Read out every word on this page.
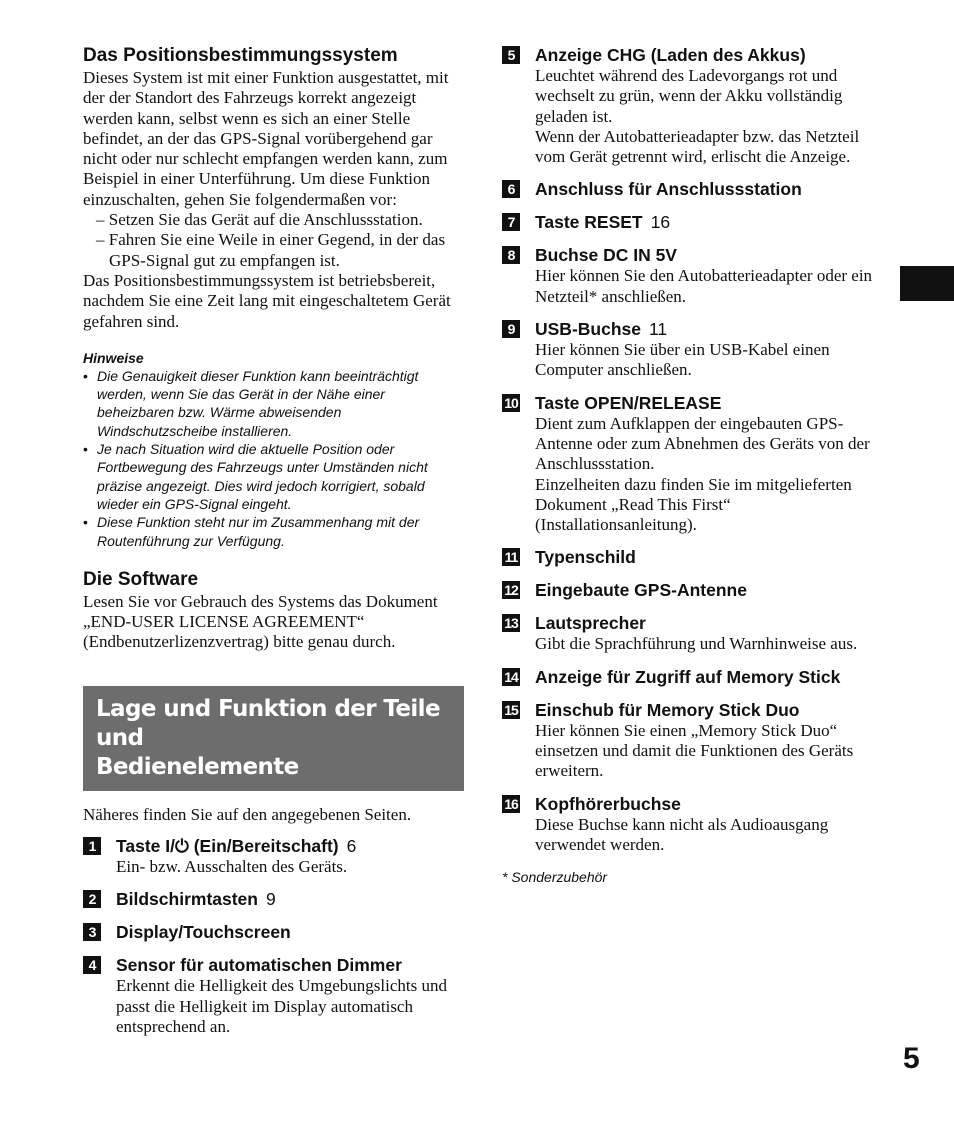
Das Positionsbestimmungssystem

Dieses System ist mit einer Funktion ausgestattet, mit der der Standort des Fahrzeugs korrekt angezeigt werden kann, selbst wenn es sich an einer Stelle befindet, an der das GPS-Signal vorübergehend gar nicht oder nur schlecht empfangen werden kann, zum Beispiel in einer Unterführung. Um diese Funktion einzuschalten, gehen Sie folgendermaßen vor:

– Setzen Sie das Gerät auf die Anschlussstation.

– Fahren Sie eine Weile in einer Gegend, in der das GPS-Signal gut zu empfangen ist.

Das Positionsbestimmungssystem ist betriebsbereit, nachdem Sie eine Zeit lang mit eingeschaltetem Gerät gefahren sind.

Hinweise
• Die Genauigkeit dieser Funktion kann beeinträchtigt werden, wenn Sie das Gerät in der Nähe einer beheizbaren bzw. Wärme abweisenden Windschutzscheibe installieren.
• Je nach Situation wird die aktuelle Position oder Fortbewegung des Fahrzeugs unter Umständen nicht präzise angezeigt. Dies wird jedoch korrigiert, sobald wieder ein GPS-Signal eingeht.
• Diese Funktion steht nur im Zusammenhang mit der Routenführung zur Verfügung.
Die Software

Lesen Sie vor Gebrauch des Systems das Dokument „END-USER LICENSE AGREEMENT“ (Endbenutzerlizenzvertrag) bitte genau durch.

Lage und Funktion der Teile und
Bedienelemente

Näheres finden Sie auf den angegebenen Seiten.

1	Taste I/⏻ (Ein/Bereitschaft) 6
Ein- bzw. Ausschalten des Geräts.
2	Bildschirmtasten 9
3	Display/Touchscreen
4	Sensor für automatischen Dimmer
Erkennt die Helligkeit des Umgebungslichts und passt die Helligkeit im Display automatisch entsprechend an.
5	Anzeige CHG (Laden des Akkus)
Leuchtet während des Ladevorgangs rot und wechselt zu grün, wenn der Akku vollständig geladen ist.
Wenn der Autobatterieadapter bzw. das Netzteil vom Gerät getrennt wird, erlischt die Anzeige.
6	Anschluss für Anschlussstation
7	Taste RESET 16
8	Buchse DC IN 5V
Hier können Sie den Autobatterieadapter oder ein Netzteil* anschließen.
9	USB-Buchse 11
Hier können Sie über ein USB-Kabel einen Computer anschließen.
10 Taste OPEN/RELEASE
Dient zum Aufklappen der eingebauten GPS-Antenne oder zum Abnehmen des Geräts von der Anschlussstation.
Einzelheiten dazu finden Sie im mitgelieferten Dokument „Read This First“ (Installationsanleitung).
11 Typenschild
12 Eingebaute GPS-Antenne
13 Lautsprecher
Gibt die Sprachführung und Warnhinweise aus.
14 Anzeige für Zugriff auf Memory Stick
15 Einschub für Memory Stick Duo
Hier können Sie einen „Memory Stick Duo“ einsetzen und damit die Funktionen des Geräts erweitern.
16 Kopfhörerbuchse
Diese Buchse kann nicht als Audioausgang verwendet werden.
* Sonderzubehör
5
